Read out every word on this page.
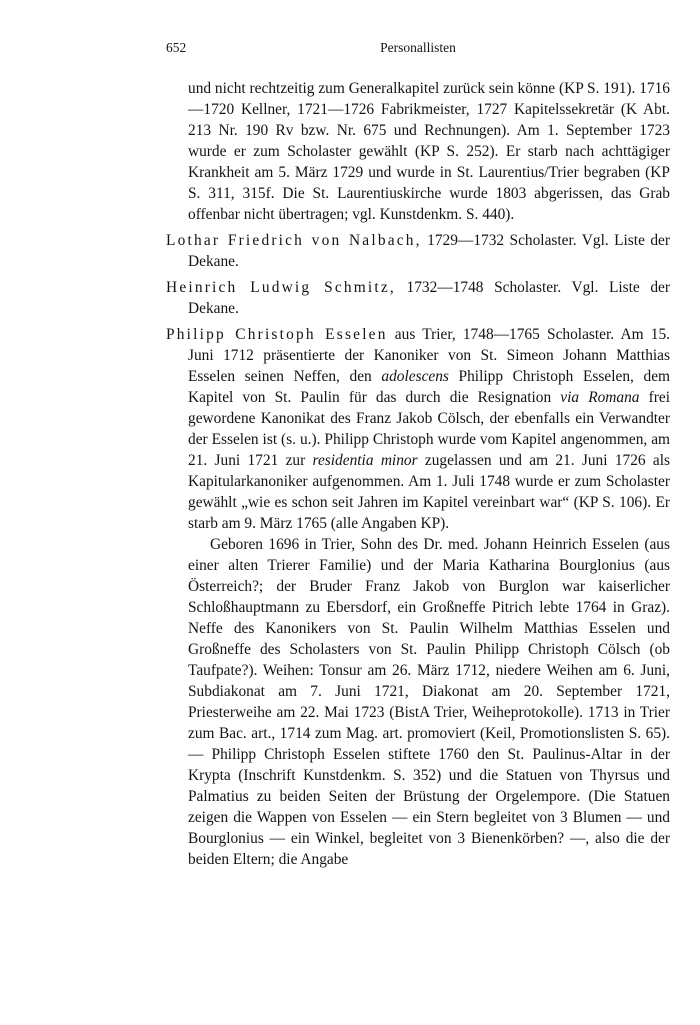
652	Personallisten

und nicht rechtzeitig zum Generalkapitel zurück sein könne (KP S. 191). 1716—1720 Kellner, 1721—1726 Fabrikmeister, 1727 Kapitelssekretär (K Abt. 213 Nr. 190 Rv bzw. Nr. 675 und Rechnungen). Am 1. September 1723 wurde er zum Scholaster gewählt (KP S. 252). Er starb nach achttägiger Krankheit am 5. März 1729 und wurde in St. Laurentius/Trier begraben (KP S. 311, 315f. Die St. Laurentiuskirche wurde 1803 abgerissen, das Grab offenbar nicht übertragen; vgl. Kunstdenkm. S. 440).

Lothar Friedrich von Nalbach, 1729—1732 Scholaster. Vgl. Liste der Dekane.

Heinrich Ludwig Schmitz, 1732—1748 Scholaster. Vgl. Liste der Dekane.

Philipp Christoph Esselen aus Trier, 1748—1765 Scholaster. Am 15. Juni 1712 präsentierte der Kanoniker von St. Simeon Johann Matthias Esselen seinen Neffen, den adolescens Philipp Christoph Esselen, dem Kapitel von St. Paulin für das durch die Resignation via Romana frei gewordene Kanonikat des Franz Jakob Cölsch, der ebenfalls ein Verwandter der Esselen ist (s. u.). Philipp Christoph wurde vom Kapitel angenommen, am 21. Juni 1721 zur residentia minor zugelassen und am 21. Juni 1726 als Kapitularkanoniker aufgenommen. Am 1. Juli 1748 wurde er zum Scholaster gewählt „wie es schon seit Jahren im Kapitel vereinbart war“ (KP S. 106). Er starb am 9. März 1765 (alle Angaben KP).

Geboren 1696 in Trier, Sohn des Dr. med. Johann Heinrich Esselen (aus einer alten Trierer Familie) und der Maria Katharina Bourglonius (aus Österreich?; der Bruder Franz Jakob von Burglon war kaiserlicher Schloßhauptmann zu Ebersdorf, ein Großneffe Pitrich lebte 1764 in Graz). Neffe des Kanonikers von St. Paulin Wilhelm Matthias Esselen und Großneffe des Scholasters von St. Paulin Philipp Christoph Cölsch (ob Taufpate?). Weihen: Tonsur am 26. März 1712, niedere Weihen am 6. Juni, Subdiakonat am 7. Juni 1721, Diakonat am 20. September 1721, Priesterweihe am 22. Mai 1723 (BistA Trier, Weiheprotokolle). 1713 in Trier zum Bac. art., 1714 zum Mag. art. promoviert (Keil, Promotionslisten S. 65). — Philipp Christoph Esselen stiftete 1760 den St. Paulinus-Altar in der Krypta (Inschrift Kunstdenkm. S. 352) und die Statuen von Thyrsus und Palmatius zu beiden Seiten der Brüstung der Orgelempore. (Die Statuen zeigen die Wappen von Esselen — ein Stern begleitet von 3 Blumen — und Bourglonius — ein Winkel, begleitet von 3 Bienenkörben? —, also die der beiden Eltern; die Angabe
